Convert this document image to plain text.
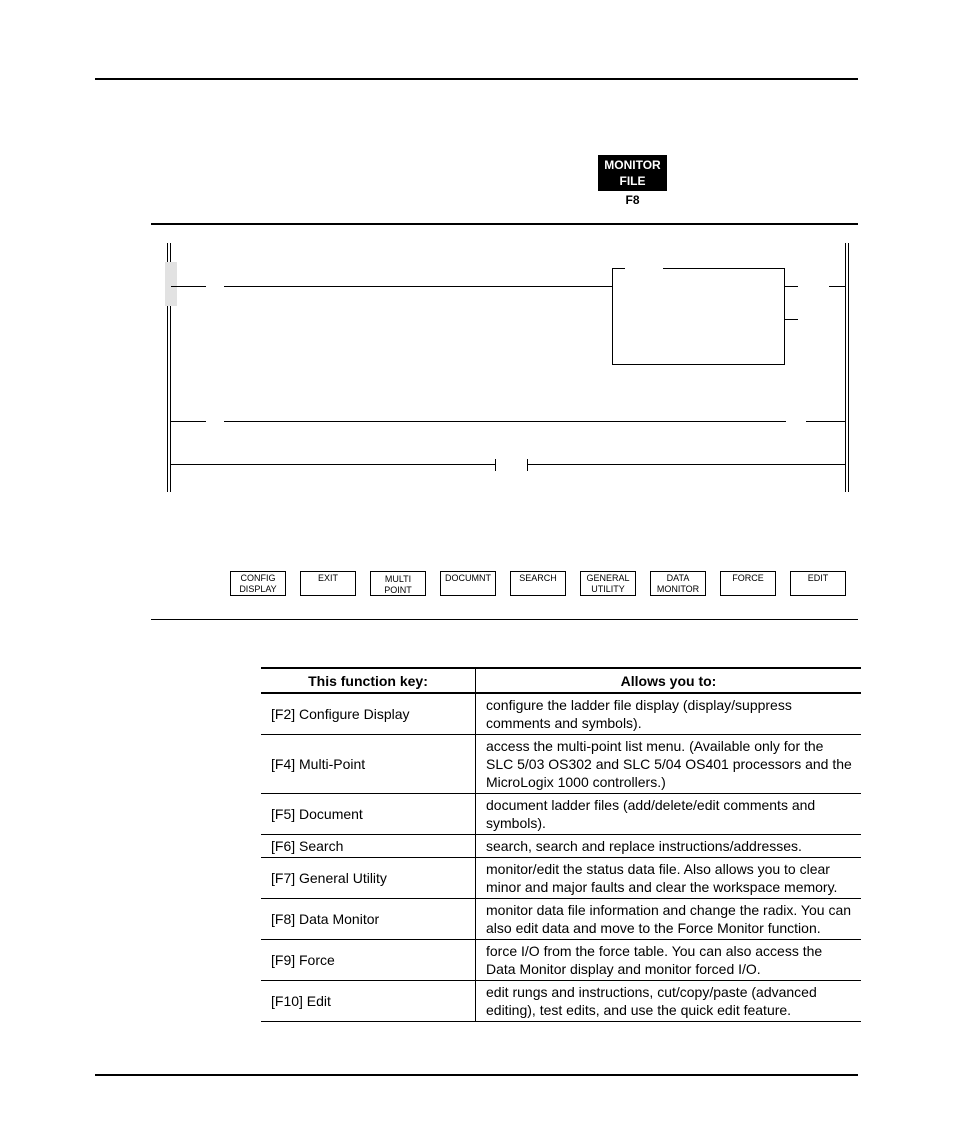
MONITOR
FILE
F8
CONFIG
DISPLAY
EXIT	MULTI
POINT
DOCUMNT	SEARCH	GENERAL
UTILITY
DATA
MONITOR
FORCE	EDIT
This function key:	Allows you to:
[F2] Configure Display	configure the ladder file display (display/suppress comments and symbols).
[F4] Multi-Point	access the multi-point list menu. (Available only for the SLC 5/03 OS302 and SLC 5/04 OS401 processors and the MicroLogix 1000 controllers.)
[F5] Document	document ladder files (add/delete/edit comments and symbols).
[F6] Search	search, search and replace instructions/addresses.
[F7] General Utility	monitor/edit the status data file. Also allows you to clear minor and major faults and clear the workspace memory.
[F8] Data Monitor	monitor data file information and change the radix. You can also edit data and move to the Force Monitor function.
[F9] Force	force I/O from the force table. You can also access the Data Monitor display and monitor forced I/O.
[F10] Edit	edit rungs and instructions, cut/copy/paste (advanced editing), test edits, and use the quick edit feature.
